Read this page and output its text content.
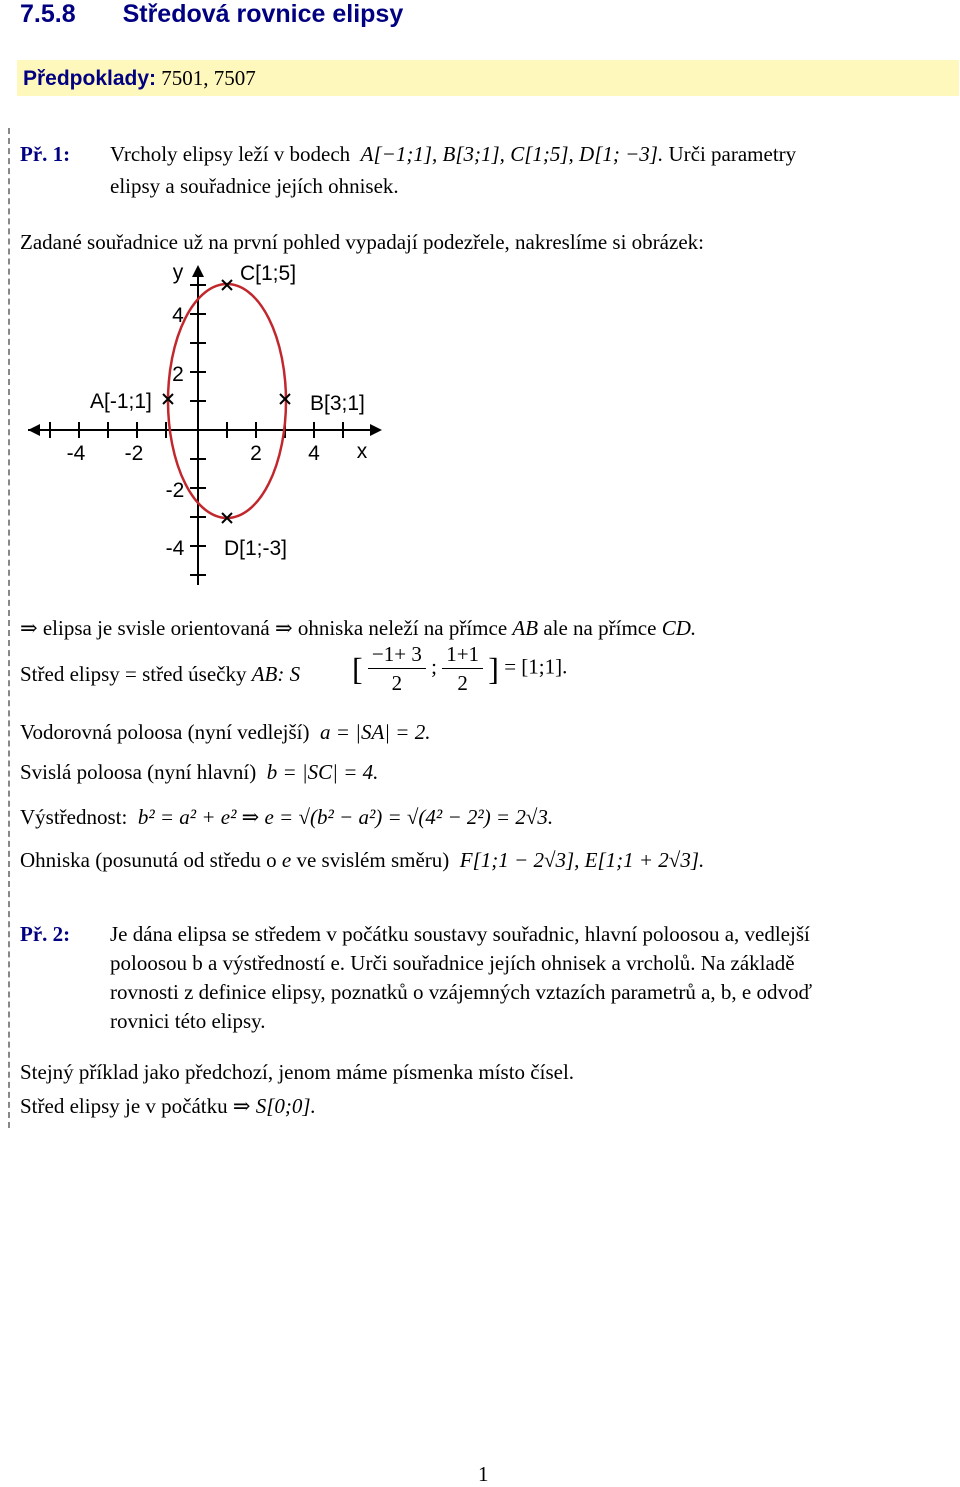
7.5.8 Středová rovnice elipsy
Předpoklady: 7501, 7507
Př. 1: Vrcholy elipsy leží v bodech A[−1;1], B[3;1], C[1;5], D[1; −3]. Urči parametry
elipsy a souřadnice jejích ohnisek.
Zadané souřadnice už na první pohled vypadají podezřele, nakreslíme si obrázek:
-4 -2	2 4 x
y
4
2
-2
-4
A[-1;1]	B[3;1]
C[1;5]
D[1;-3]
⇒ elipsa je svisle orientovaná ⇒ ohniska neleží na přímce AB ale na přímce CD.
Střed elipsy = střed úsečky AB: S [ $\frac{-1+ 3}{2}$ ; $\frac{1+1}{2}$ ] = [1;1].
Vodorovná poloosa (nyní vedlejší) a = |SA| = 2.
Svislá poloosa (nyní hlavní) b = |SC| = 4.
Výstřednost: b² = a² + e² ⇒ e = √(b² − a²) = √(4² − 2²) = 2√3.
Ohniska (posunutá od středu o e ve svislém směru) F[1;1 − 2√3], E[1;1 + 2√3].
Př. 2: Je dána elipsa se středem v počátku soustavy souřadnic, hlavní poloosou a, vedlejší
poloosou b a výstředností e. Urči souřadnice jejích ohnisek a vrcholů. Na základě
rovnosti z definice elipsy, poznatků o vzájemných vztazích parametrů a, b, e odvoď
rovnici této elipsy.
Stejný příklad jako předchozí, jenom máme písmenka místo čísel.
Střed elipsy je v počátku ⇒ S[0;0].
1
